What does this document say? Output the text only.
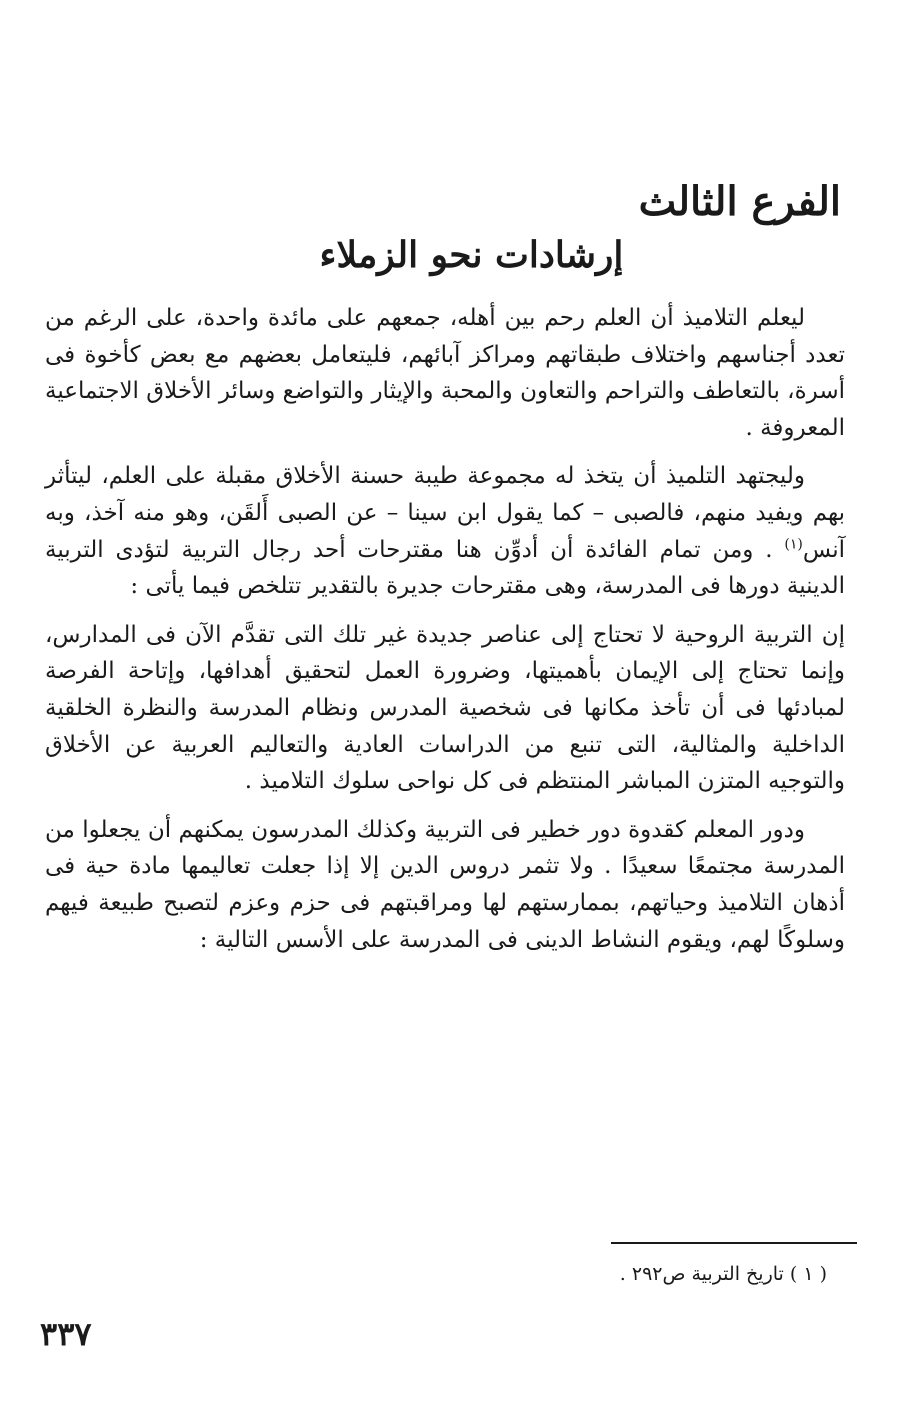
الفرع الثالث
إرشادات نحو الزملاء

ليعلم التلاميذ أن العلم رحم بين أهله، جمعهم على مائدة واحدة، على الرغم من تعدد أجناسهم واختلاف طبقاتهم ومراكز آبائهم، فليتعامل بعضهم مع بعض كأخوة فى أسرة، بالتعاطف والتراحم والتعاون والمحبة والإيثار والتواضع وسائر الأخلاق الاجتماعية المعروفة .

وليجتهد التلميذ أن يتخذ له مجموعة طيبة حسنة الأخلاق مقبلة على العلم، ليتأثر بهم ويفيد منهم، فالصبى – كما يقول ابن سينا – عن الصبى أَلقَن، وهو منه آخذ، وبه آنس$^{(١)}$ . ومن تمام الفائدة أن أدوِّن هنا مقترحات أحد رجال التربية لتؤدى التربية الدينية دورها فى المدرسة، وهى مقترحات جديرة بالتقدير تتلخص فيما يأتى :

إن التربية الروحية لا تحتاج إلى عناصر جديدة غير تلك التى تقدَّم الآن فى المدارس، وإنما تحتاج إلى الإيمان بأهميتها، وضرورة العمل لتحقيق أهدافها، وإتاحة الفرصة لمبادئها فى أن تأخذ مكانها فى شخصية المدرس ونظام المدرسة والنظرة الخلقية الداخلية والمثالية، التى تنبع من الدراسات العادية والتعاليم العربية عن الأخلاق والتوجيه المتزن المباشر المنتظم فى كل نواحى سلوك التلاميذ .

ودور المعلم كقدوة دور خطير فى التربية وكذلك المدرسون يمكنهم أن يجعلوا من المدرسة مجتمعًا سعيدًا . ولا تثمر دروس الدين إلا إذا جعلت تعاليمها مادة حية فى أذهان التلاميذ وحياتهم، بممارستهم لها ومراقبتهم فى حزم وعزم لتصبح طبيعة فيهم وسلوكًا لهم، ويقوم النشاط الدينى فى المدرسة على الأسس التالية :

( ١ ) تاريخ التربية ص٢٩٢ .

٣٣٧
